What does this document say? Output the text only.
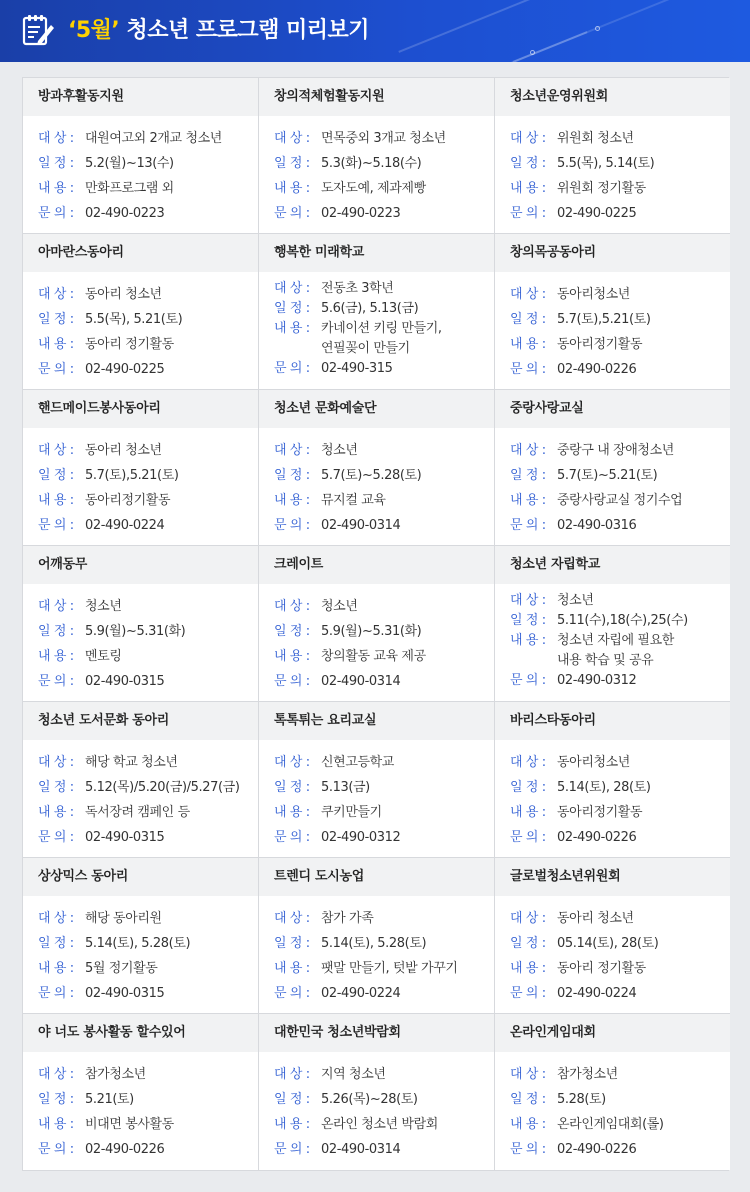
‘5월’ 청소년 프로그램 미리보기
방과후활동지원
대 상 : 대원여고외 2개교 청소년
일 정 : 5.2(월)~13(수)
내 용 : 만화프로그램 외
문 의 : 02-490-0223
창의적체험활동지원
대 상 : 면목중외 3개교 청소년
일 정 : 5.3(화)~5.18(수)
내 용 : 도자도예, 제과제빵
문 의 : 02-490-0223
청소년운영위원회
대 상 : 위원회 청소년
일 정 : 5.5(목), 5.14(토)
내 용 : 위원회 정기활동
문 의 : 02-490-0225
아마란스동아리
대 상 : 동아리 청소년
일 정 : 5.5(목), 5.21(토)
내 용 : 동아리 정기활동
문 의 : 02-490-0225
행복한 미래학교
대 상 : 전동초 3학년
일 정 : 5.6(금), 5.13(금)
내 용 : 카네이션 키링 만들기,
연필꽂이 만들기
문 의 : 02-490-315
창의목공동아리
대 상 : 동아리청소년
일 정 : 5.7(토),5.21(토)
내 용 : 동아리정기활동
문 의 : 02-490-0226
핸드메이드봉사동아리
대 상 : 동아리 청소년
일 정 : 5.7(토),5.21(토)
내 용 : 동아리정기활동
문 의 : 02-490-0224
청소년 문화예술단
대 상 : 청소년
일 정 : 5.7(토)~5.28(토)
내 용 : 뮤지컬 교육
문 의 : 02-490-0314
중랑사랑교실
대 상 : 중랑구 내 장애청소년
일 정 : 5.7(토)~5.21(토)
내 용 : 중랑사랑교실 정기수업
문 의 : 02-490-0316
어깨동무
대 상 : 청소년
일 정 : 5.9(월)~5.31(화)
내 용 : 멘토링
문 의 : 02-490-0315
크레이트
대 상 : 청소년
일 정 : 5.9(월)~5.31(화)
내 용 : 창의활동 교육 제공
문 의 : 02-490-0314
청소년 자립학교
대 상 : 청소년
일 정 : 5.11(수),18(수),25(수)
내 용 : 청소년 자립에 필요한
내용 학습 및 공유
문 의 : 02-490-0312
청소년 도서문화 동아리
대 상 : 해당 학교 청소년
일 정 : 5.12(목)/5.20(금)/5.27(금)
내 용 : 독서장려 캠페인 등
문 의 : 02-490-0315
톡톡튀는 요리교실
대 상 : 신현고등학교
일 정 : 5.13(금)
내 용 : 쿠키만들기
문 의 : 02-490-0312
바리스타동아리
대 상 : 동아리청소년
일 정 : 5.14(토), 28(토)
내 용 : 동아리정기활동
문 의 : 02-490-0226
상상믹스 동아리
대 상 : 해당 동아리원
일 정 : 5.14(토), 5.28(토)
내 용 : 5월 정기활동
문 의 : 02-490-0315
트렌디 도시농업
대 상 : 참가 가족
일 정 : 5.14(토), 5.28(토)
내 용 : 팻말 만들기, 텃밭 가꾸기
문 의 : 02-490-0224
글로벌청소년위원회
대 상 : 동아리 청소년
일 정 : 05.14(토), 28(토)
내 용 : 동아리 정기활동
문 의 : 02-490-0224
야 너도 봉사활동 할수있어
대 상 : 참가청소년
일 정 : 5.21(토)
내 용 : 비대면 봉사활동
문 의 : 02-490-0226
대한민국 청소년박람회
대 상 : 지역 청소년
일 정 : 5.26(목)~28(토)
내 용 : 온라인 청소년 박람회
문 의 : 02-490-0314
온라인게임대회
대 상 : 참가청소년
일 정 : 5.28(토)
내 용 : 온라인게임대회(롤)
문 의 : 02-490-0226
